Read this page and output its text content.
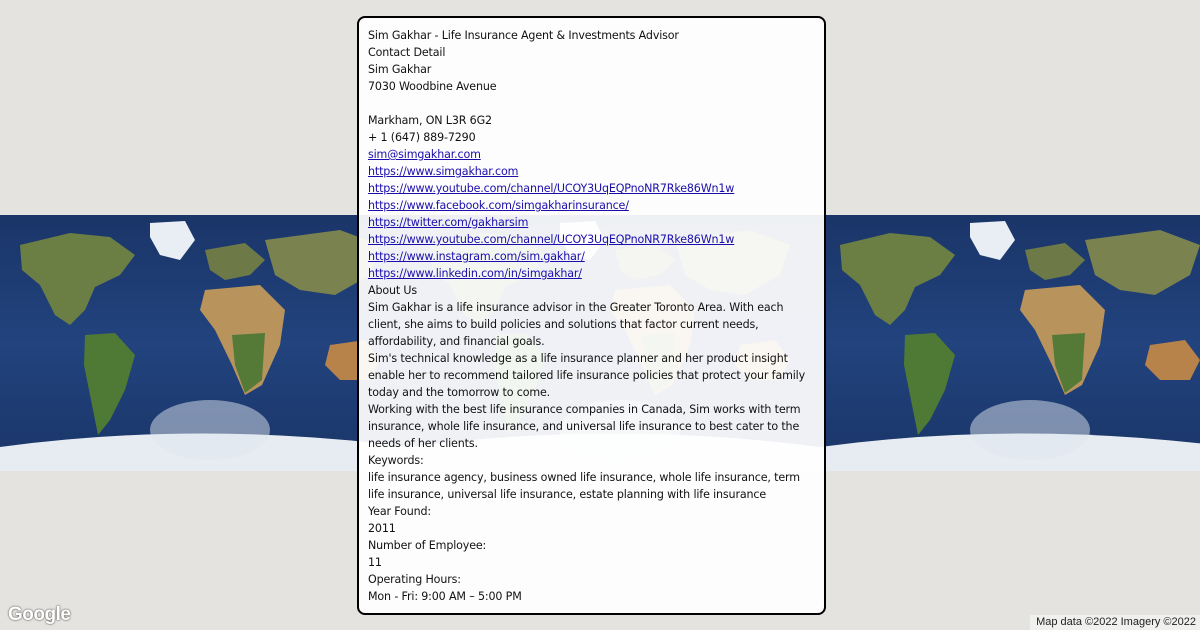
Google	Map data ©2022 Imagery ©2022
Sim Gakhar - Life Insurance Agent & Investments Advisor
Contact Detail
Sim Gakhar
7030 Woodbine Avenue
Markham, ON L3R 6G2
+ 1 (647) 889-7290
sim@simgakhar.com
https://www.simgakhar.com
https://www.youtube.com/channel/UCOY3UqEQPnoNR7Rke86Wn1w
https://www.facebook.com/simgakharinsurance/
https://twitter.com/gakharsim
https://www.youtube.com/channel/UCOY3UqEQPnoNR7Rke86Wn1w
https://www.instagram.com/sim.gakhar/
https://www.linkedin.com/in/simgakhar/
About Us
Sim Gakhar is a life insurance advisor in the Greater Toronto Area. With each client, she aims to build policies and solutions that factor current needs, affordability, and financial goals.
Sim's technical knowledge as a life insurance planner and her product insight enable her to recommend tailored life insurance policies that protect your family today and the tomorrow to come.
Working with the best life insurance companies in Canada, Sim works with term insurance, whole life insurance, and universal life insurance to best cater to the needs of her clients.
Keywords:
life insurance agency, business owned life insurance, whole life insurance, term life insurance, universal life insurance, estate planning with life insurance
Year Found:
2011
Number of Employee:
11
Operating Hours:
Mon - Fri: 9:00 AM – 5:00 PM
